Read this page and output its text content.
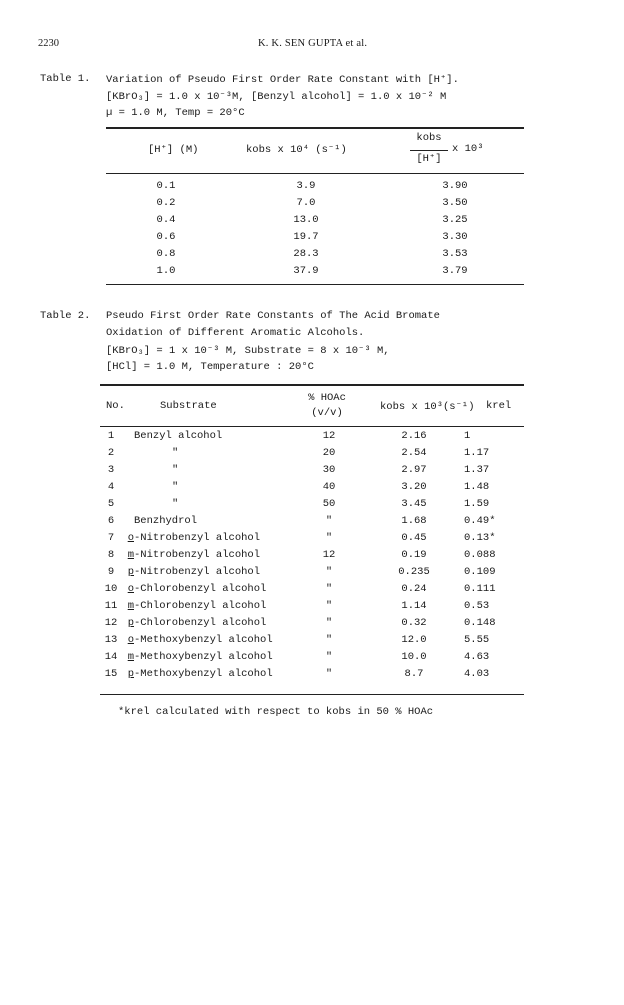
2230	K. K. SEN GUPTA et al.
Table 1. Variation of Pseudo First Order Rate Constant with [H⁺].
[KBrO₃] = 1.0 x 10⁻³M, [Benzyl alcohol] = 1.0 x 10⁻² M
µ = 1.0 M, Temp = 20°C
[H⁺] (M)	kobs x 10⁴ (s⁻¹)
kobs
[H⁺]
x 10³
0.1	3.9	3.90
0.2	7.0	3.50
0.4	13.0	3.25
0.6	19.7	3.30
0.8	28.3	3.53
1.0	37.9	3.79
Table 2. Pseudo First Order Rate Constants of The Acid Bromate
Oxidation of Different Aromatic Alcohols.
[KBrO₃] = 1 x 10⁻³ M, Substrate = 8 x 10⁻³ M,
[HCl] = 1.0 M, Temperature : 20°C
No.	Substrate
% HOAc
(v/v)	kobs x 10³(s⁻¹) krel
1		Benzyl alcohol	12	2.16	1
2		"	20	2.54	1.17
3		"	30	2.97	1.37
4		"	40	3.20	1.48
5		"	50	3.45	1.59
6		Benzhydrol	"	1.68	0.49*
7	o	-Nitrobenzyl alcohol	"	0.45	0.13*
8	m	-Nitrobenzyl alcohol	12	0.19	0.088
9	p	-Nitrobenzyl alcohol	"	0.235	0.109
10	o	-Chlorobenzyl alcohol	"	0.24	0.111
11	m	-Chlorobenzyl alcohol	"	1.14	0.53
12	p	-Chlorobenzyl alcohol	"	0.32	0.148
13	o	-Methoxybenzyl alcohol	"	12.0	5.55
14	m	-Methoxybenzyl alcohol	"	10.0	4.63
15	p	-Methoxybenzyl alcohol	"	8.7	4.03
*krel calculated with respect to kobs in 50 % HOAc
